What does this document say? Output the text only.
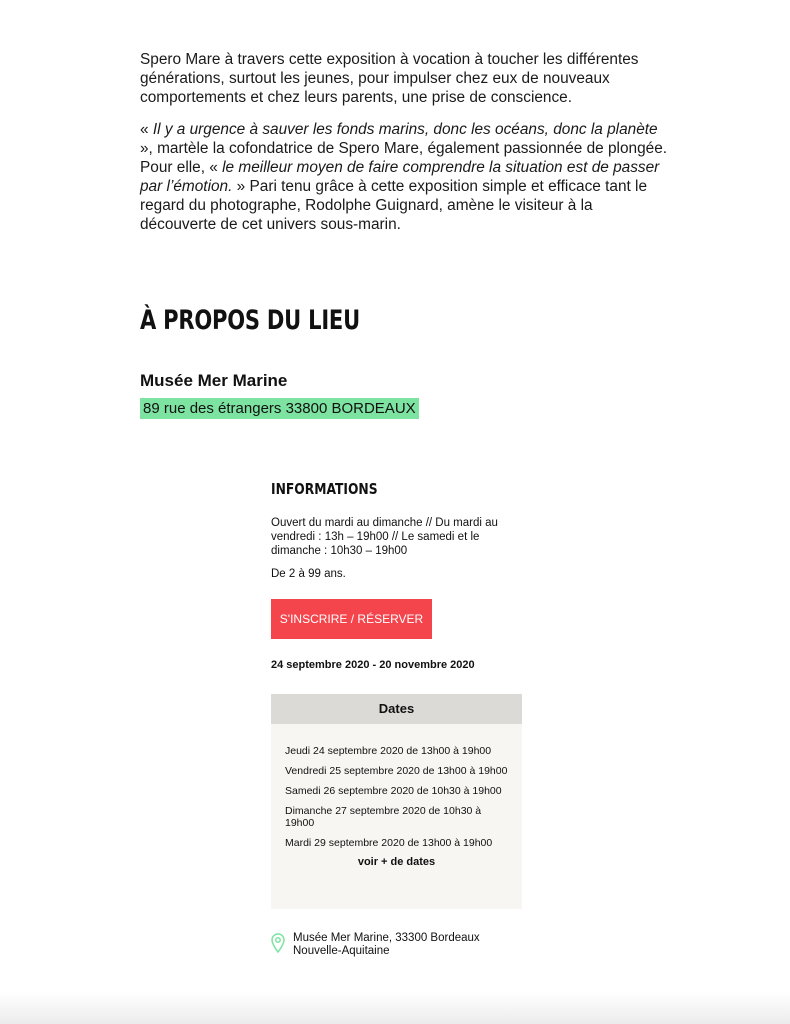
Spero Mare à travers cette exposition à vocation à toucher les différentes générations, surtout les jeunes, pour impulser chez eux de nouveaux comportements et chez leurs parents, une prise de conscience.

« Il y a urgence à sauver les fonds marins, donc les océans, donc la planète », martèle la cofondatrice de Spero Mare, également passionnée de plongée. Pour elle, « le meilleur moyen de faire comprendre la situation est de passer par l’émotion. » Pari tenu grâce à cette exposition simple et efficace tant le regard du photographe, Rodolphe Guignard, amène le visiteur à la découverte de cet univers sous-marin.

À PROPOS DU LIEU
Musée Mer Marine
89 rue des étrangers 33800 BORDEAUX
INFORMATIONS
Ouvert du mardi au dimanche // Du mardi au vendredi : 13h – 19h00 // Le samedi et le dimanche : 10h30 – 19h00
De 2 à 99 ans.
S'INSCRIRE / RÉSERVER
24 septembre 2020 - 20 novembre 2020
Dates
Jeudi 24 septembre 2020 de 13h00 à 19h00
Vendredi 25 septembre 2020 de 13h00 à 19h00
Samedi 26 septembre 2020 de 10h30 à 19h00
Dimanche 27 septembre 2020 de 10h30 à 19h00
Mardi 29 septembre 2020 de 13h00 à 19h00
voir + de dates
Musée Mer Marine, 33300 Bordeaux
Nouvelle-Aquitaine
